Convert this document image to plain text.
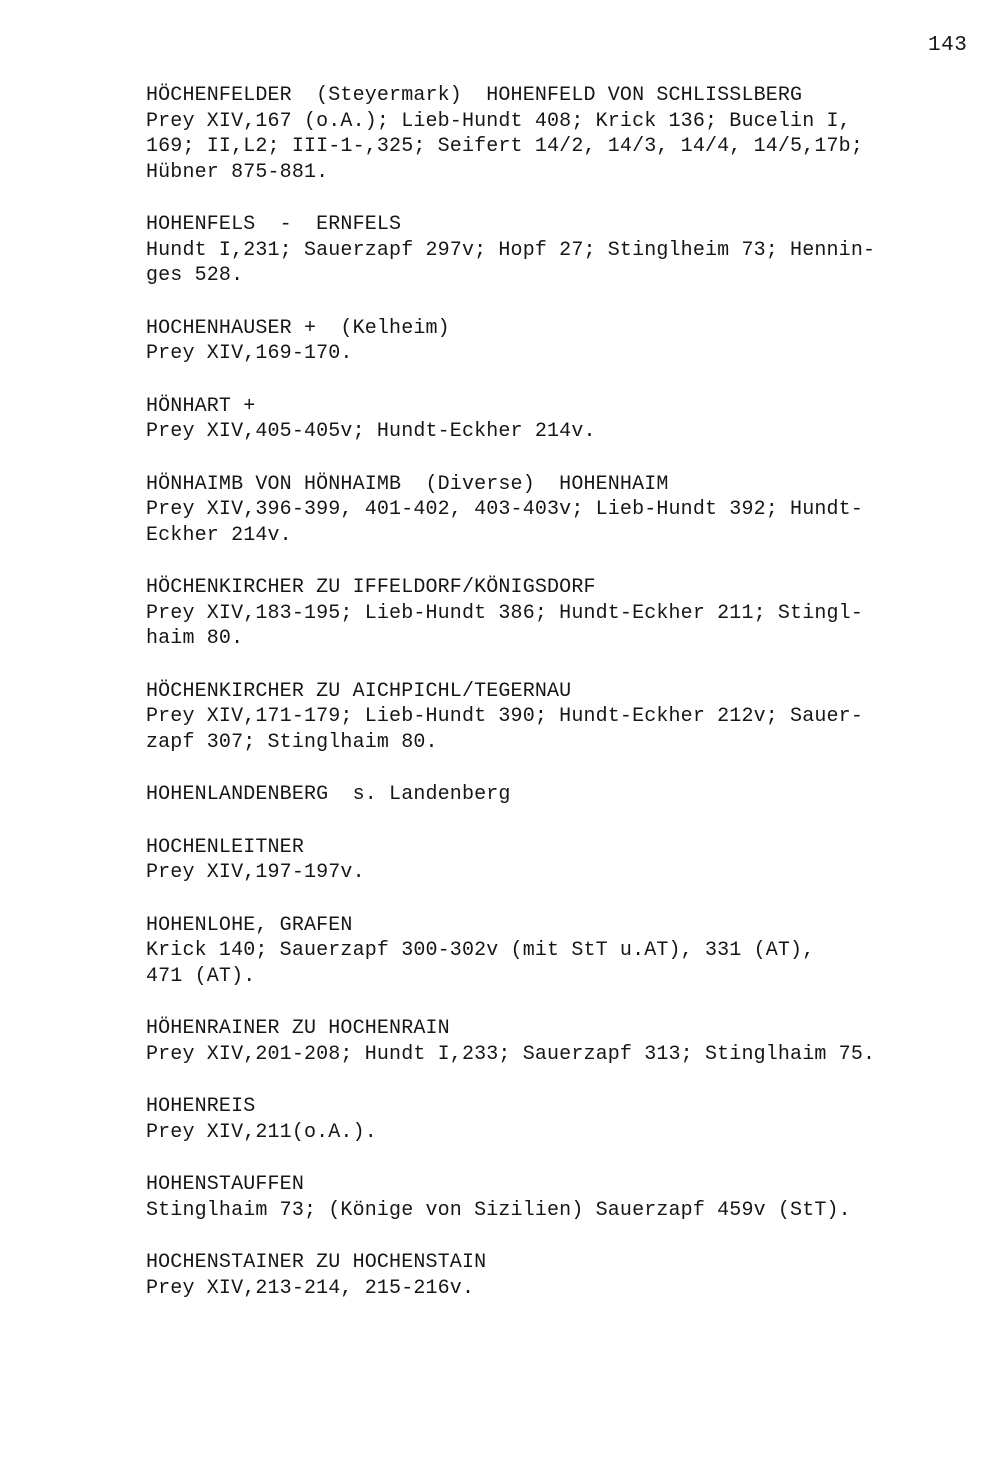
143
HÖCHENFELDER  (Steyermark)  HOHENFELD VON SCHLISSLBERG
Prey XIV,167 (o.A.); Lieb-Hundt 408; Krick 136; Bucelin I,
169; II,L2; III-1-,325; Seifert 14/2, 14/3, 14/4, 14/5,17b;
Hübner 875-881.
HOHENFELS  -  ERNFELS
Hundt I,231; Sauerzapf 297v; Hopf 27; Stinglheim 73; Hennin-
ges 528.
HOCHENHAUSER +  (Kelheim)
Prey XIV,169-170.
HÖNHART +
Prey XIV,405-405v; Hundt-Eckher 214v.
HÖNHAIMB VON HÖNHAIMB  (Diverse)  HOHENHAIM
Prey XIV,396-399, 401-402, 403-403v; Lieb-Hundt 392; Hundt-
Eckher 214v.
HÖCHENKIRCHER ZU IFFELDORF/KÖNIGSDORF
Prey XIV,183-195; Lieb-Hundt 386; Hundt-Eckher 211; Stingl-
haim 80.
HÖCHENKIRCHER ZU AICHPICHL/TEGERNAU
Prey XIV,171-179; Lieb-Hundt 390; Hundt-Eckher 212v; Sauer-
zapf 307; Stinglhaim 80.
HOHENLANDENBERG  s. Landenberg
HOCHENLEITNER
Prey XIV,197-197v.
HOHENLOHE, GRAFEN
Krick 140; Sauerzapf 300-302v (mit StT u.AT), 331 (AT),
471 (AT).
HÖHENRAINER ZU HOCHENRAIN
Prey XIV,201-208; Hundt I,233; Sauerzapf 313; Stinglhaim 75.
HOHENREIS
Prey XIV,211(o.A.).
HOHENSTAUFFEN
Stinglhaim 73; (Könige von Sizilien) Sauerzapf 459v (StT).
HOCHENSTAINER ZU HOCHENSTAIN
Prey XIV,213-214, 215-216v.
